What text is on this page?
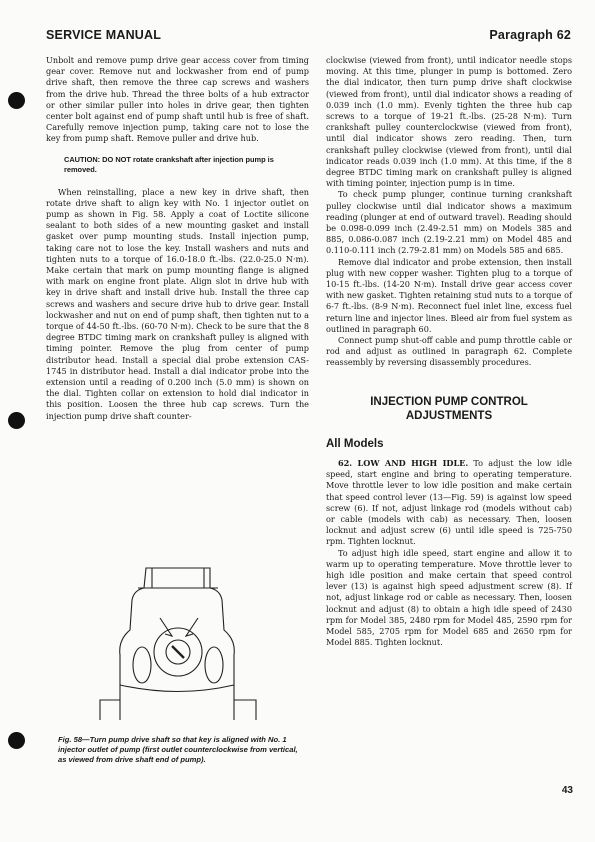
SERVICE MANUAL	Paragraph 62

Unbolt and remove pump drive gear access cover from timing gear cover. Remove nut and lockwasher from end of pump drive shaft, then remove the three cap screws and washers from the drive hub. Thread the three bolts of a hub extractor or other similar puller into holes in drive gear, then tighten center bolt against end of pump shaft until hub is free of shaft. Carefully remove injection pump, taking care not to lose the key from pump shaft. Remove puller and drive hub.

CAUTION: DO NOT rotate crankshaft after injection pump is removed.

When reinstalling, place a new key in drive shaft, then rotate drive shaft to align key with No. 1 injector outlet on pump as shown in Fig. 58. Apply a coat of Loctite silicone sealant to both sides of a new mounting gasket and install gasket over pump mounting studs. Install injection pump, taking care not to lose the key. Install washers and nuts and tighten nuts to a torque of 16.0-18.0 ft.-lbs. (22.0-25.0 N·m). Make certain that mark on pump mounting flange is aligned with mark on engine front plate. Align slot in drive hub with key in drive shaft and install drive hub. Install the three cap screws and washers and secure drive hub to drive gear. Install lockwasher and nut on end of pump shaft, then tighten nut to a torque of 44-50 ft.-lbs. (60-70 N·m). Check to be sure that the 8 degree BTDC timing mark on crankshaft pulley is aligned with timing pointer. Remove the plug from center of pump distributor head. Install a special dial probe extension CAS-1745 in distributor head. Install a dial indicator probe into the extension until a reading of 0.200 inch (5.0 mm) is shown on the dial. Tighten collar on extension to hold dial indicator in this position. Loosen the three hub cap screws. Turn the injection pump drive shaft counter-

Fig. 58—Turn pump drive shaft so that key is aligned with No. 1 injector outlet of pump (first outlet counterclockwise from vertical, as viewed from drive shaft end of pump).

clockwise (viewed from front), until indicator needle stops moving. At this time, plunger in pump is bottomed. Zero the dial indicator, then turn pump drive shaft clockwise (viewed from front), until dial indicator shows a reading of 0.039 inch (1.0 mm). Evenly tighten the three hub cap screws to a torque of 19-21 ft.-lbs. (25-28 N·m). Turn crankshaft pulley counterclockwise (viewed from front), until dial indicator shows zero reading. Then, turn crankshaft pulley clockwise (viewed from front), until dial indicator reads 0.039 inch (1.0 mm). At this time, if the 8 degree BTDC timing mark on crankshaft pulley is aligned with timing pointer, injection pump is in time.

To check pump plunger, continue turning crankshaft pulley clockwise until dial indicator shows a maximum reading (plunger at end of outward travel). Reading should be 0.098-0.099 inch (2.49-2.51 mm) on Models 385 and 885, 0.086-0.087 inch (2.19-2.21 mm) on Model 485 and 0.110-0.111 inch (2.79-2.81 mm) on Models 585 and 685.

Remove dial indicator and probe extension, then install plug with new copper washer. Tighten plug to a torque of 10-15 ft.-lbs. (14-20 N·m). Install drive gear access cover with new gasket. Tighten retaining stud nuts to a torque of 6-7 ft.-lbs. (8-9 N·m). Reconnect fuel inlet line, excess fuel return line and injector lines. Bleed air from fuel system as outlined in paragraph 60.

Connect pump shut-off cable and pump throttle cable or rod and adjust as outlined in paragraph 62. Complete reassembly by reversing disassembly procedures.

INJECTION PUMP CONTROL ADJUSTMENTS
All Models

62. LOW AND HIGH IDLE. To adjust the low idle speed, start engine and bring to operating temperature. Move throttle lever to low idle position and make certain that speed control lever (13—Fig. 59) is against low speed screw (6). If not, adjust linkage rod (models without cab) or cable (models with cab) as necessary. Then, loosen locknut and adjust screw (6) until idle speed is 725-750 rpm. Tighten locknut.

To adjust high idle speed, start engine and allow it to warm up to operating temperature. Move throttle lever to high idle position and make certain that speed control lever (13) is against high speed adjustment screw (8). If not, adjust linkage rod or cable as necessary. Then, loosen locknut and adjust (8) to obtain a high idle speed of 2430 rpm for Model 385, 2480 rpm for Model 485, 2590 rpm for Model 585, 2705 rpm for Model 685 and 2650 rpm for Model 885. Tighten locknut.

43
